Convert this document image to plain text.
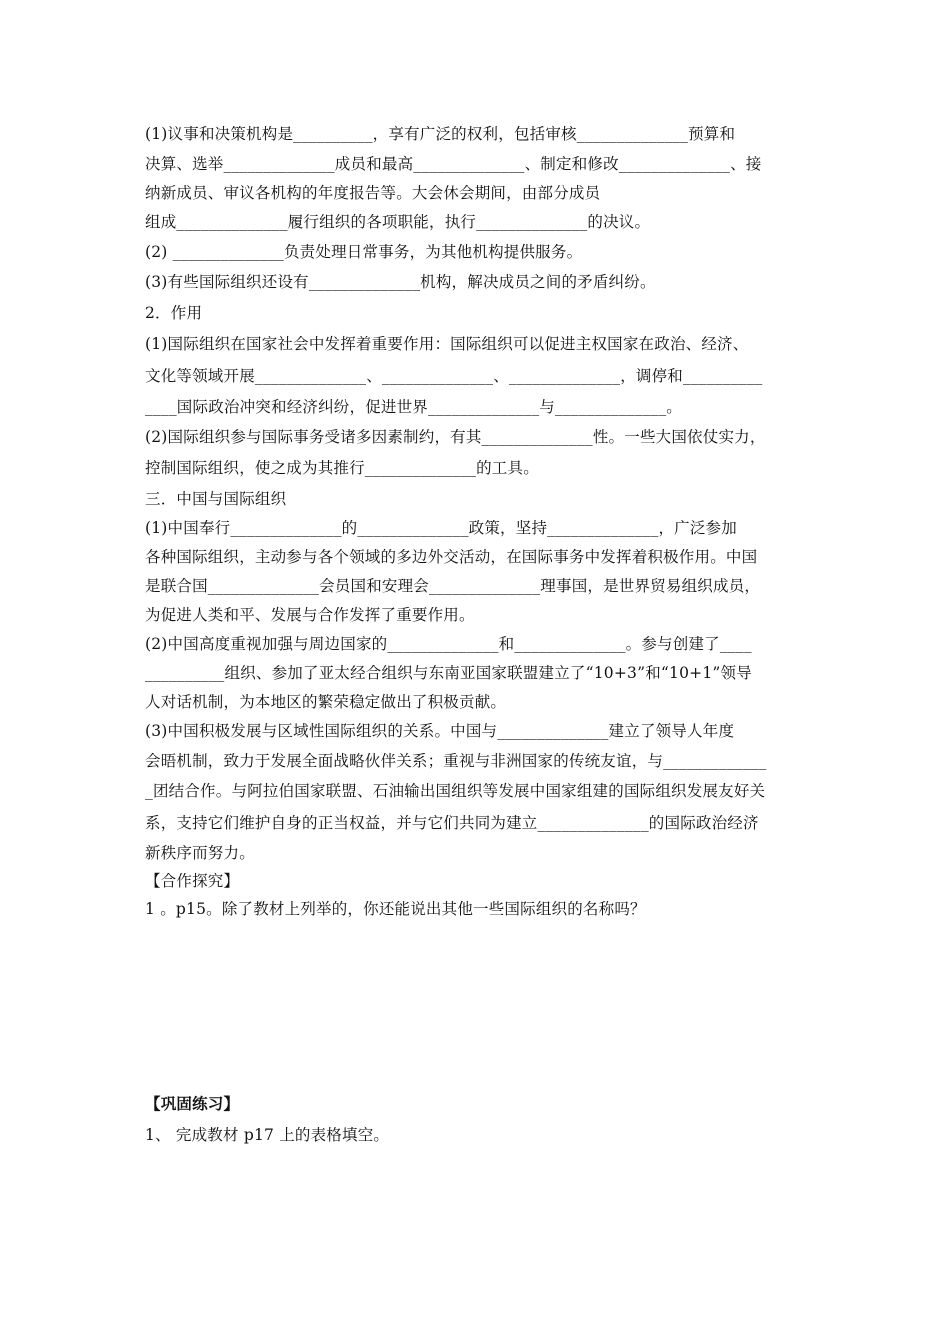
(1)议事和决策机构是__________，享有广泛的权利，包括审核______________预算和
决算、选举______________成员和最高______________、制定和修改______________、接
纳新成员、审议各机构的年度报告等。大会休会期间，由部分成员
组成______________履行组织的各项职能，执行______________的决议。
(2) ______________负责处理日常事务，为其他机构提供服务。
(3)有些国际组织还设有______________机构，解决成员之间的矛盾纠纷。
2．作用
(1)国际组织在国家社会中发挥着重要作用：国际组织可以促进主权国家在政治、经济、
文化等领域开展______________、______________、______________，调停和__________
____国际政治冲突和经济纠纷，促进世界______________与______________。
(2)国际组织参与国际事务受诸多因素制约，有其______________性。一些大国依仗实力，
控制国际组织，使之成为其推行______________的工具。
三．中国与国际组织
(1)中国奉行______________的______________政策，坚持______________，广泛参加
各种国际组织，主动参与各个领域的多边外交活动，在国际事务中发挥着积极作用。中国
是联合国______________会员国和安理会______________理事国，是世界贸易组织成员，
为促进人类和平、发展与合作发挥了重要作用。
(2)中国高度重视加强与周边国家的______________和______________。参与创建了____
__________组织、参加了亚太经合组织与东南亚国家联盟建立了“10+3”和“10+1”领导
人对话机制，为本地区的繁荣稳定做出了积极贡献。
(3)中国积极发展与区域性国际组织的关系。中国与______________建立了领导人年度
会晤机制，致力于发展全面战略伙伴关系；重视与非洲国家的传统友谊，与_____________
_团结合作。与阿拉伯国家联盟、石油输出国组织等发展中国家组建的国际组织发展友好关
系，支持它们维护自身的正当权益，并与它们共同为建立______________的国际政治经济
新秩序而努力。
【合作探究】
1 。p15。除了教材上列举的，你还能说出其他一些国际组织的名称吗？
【巩固练习】
1、 完成教材 p17 上的表格填空。
